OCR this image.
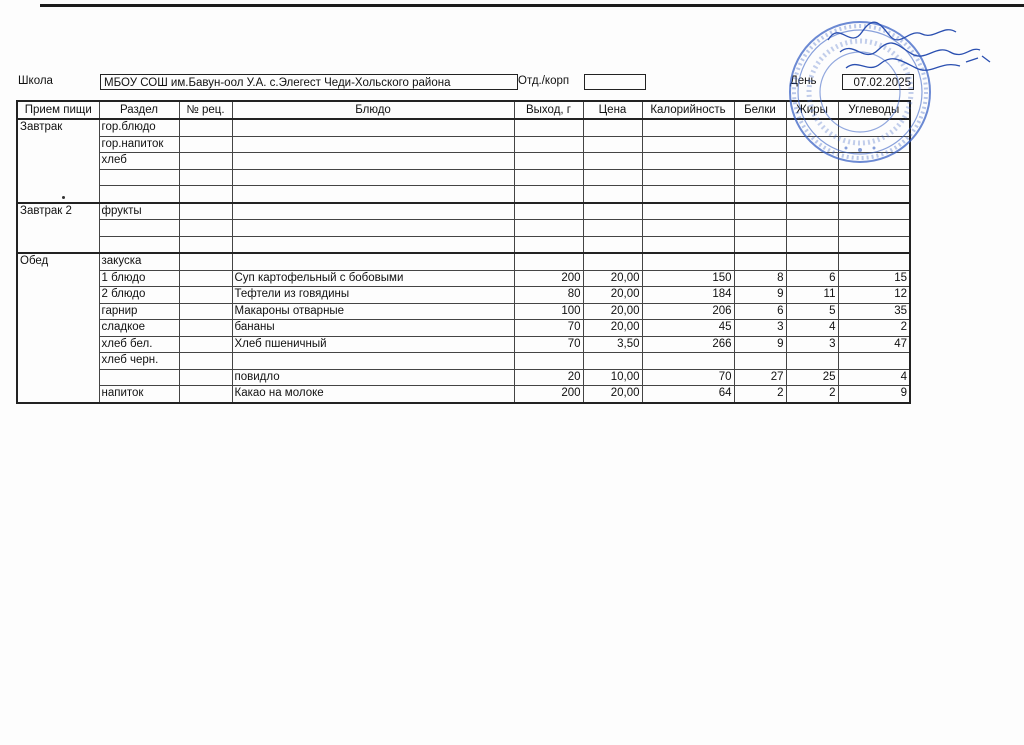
Школа	МБОУ СОШ им.Бавун-оол У.А. с.Элегест Чеди-Хольского района	Отд./корп	День	07.02.2025
Прием пищи	Раздел	№ рец.	Блюдо	Выход, г	Цена	Калорийность	Белки	Жиры	Углеводы
Завтрак	гор.блюдо								
	гор.напиток								
	хлеб								

Завтрак 2	фрукты								

Обед	закуска								
	1 блюдо		Суп картофельный с бобовыми	200	20,00	150	8	6	15
	2 блюдо		Тефтели из говядины	80	20,00	184	9	11	12
	гарнир		Макароны отварные	100	20,00	206	6	5	35
	сладкое		бананы	70	20,00	45	3	4	2
	хлеб бел.		Хлеб пшеничный	70	3,50	266	9	3	47
	хлеб черн.								
			повидло	20	10,00	70	27	25	4
	напиток		Какао на молоке	200	20,00	64	2	2	9
